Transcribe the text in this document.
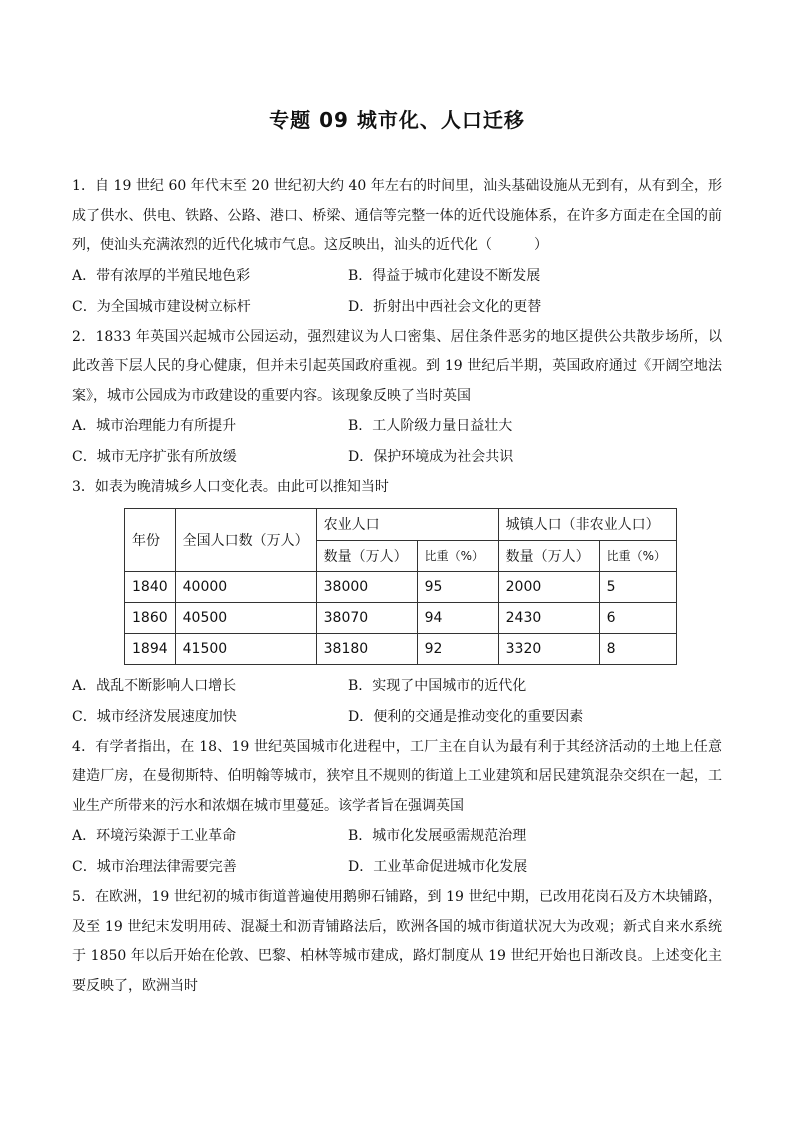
专题 09 城市化、人口迁移

1．自 19 世纪 60 年代末至 20 世纪初大约 40 年左右的时间里，汕头基础设施从无到有，从有到全，形成了供水、供电、铁路、公路、港口、桥梁、通信等完整一体的近代设施体系，在许多方面走在全国的前列，使汕头充满浓烈的近代化城市气息。这反映出，汕头的近代化（　　　）

A．带有浓厚的半殖民地色彩	B．得益于城市化建设不断发展
C．为全国城市建设树立标杆	D．折射出中西社会文化的更替

2．1833 年英国兴起城市公园运动，强烈建议为人口密集、居住条件恶劣的地区提供公共散步场所，以此改善下层人民的身心健康，但并未引起英国政府重视。到 19 世纪后半期，英国政府通过《开阔空地法案》，城市公园成为市政建设的重要内容。该现象反映了当时英国

A．城市治理能力有所提升	B．工人阶级力量日益壮大
C．城市无序扩张有所放缓	D．保护环境成为社会共识

3．如表为晚清城乡人口变化表。由此可以推知当时

年份	全国人口数（万人）	农业人口		城镇人口（非农业人口）	
		数量（万人）	比重（%）	数量（万人）	比重（%）
1840	40000	38000	95	2000	5
1860	40500	38070	94	2430	6
1894	41500	38180	92	3320	8
A．战乱不断影响人口增长	B．实现了中国城市的近代化
C．城市经济发展速度加快	D．便利的交通是推动变化的重要因素

4．有学者指出，在 18、19 世纪英国城市化进程中，工厂主在自认为最有利于其经济活动的土地上任意建造厂房，在曼彻斯特、伯明翰等城市，狭窄且不规则的街道上工业建筑和居民建筑混杂交织在一起，工业生产所带来的污水和浓烟在城市里蔓延。该学者旨在强调英国

A．环境污染源于工业革命	B．城市化发展亟需规范治理
C．城市治理法律需要完善	D．工业革命促进城市化发展

5．在欧洲，19 世纪初的城市街道普遍使用鹅卵石铺路，到 19 世纪中期，已改用花岗石及方木块铺路，及至 19 世纪末发明用砖、混凝土和沥青铺路法后，欧洲各国的城市街道状况大为改观；新式自来水系统于 1850 年以后开始在伦敦、巴黎、柏林等城市建成，路灯制度从 19 世纪开始也日渐改良。上述变化主要反映了，欧洲当时
